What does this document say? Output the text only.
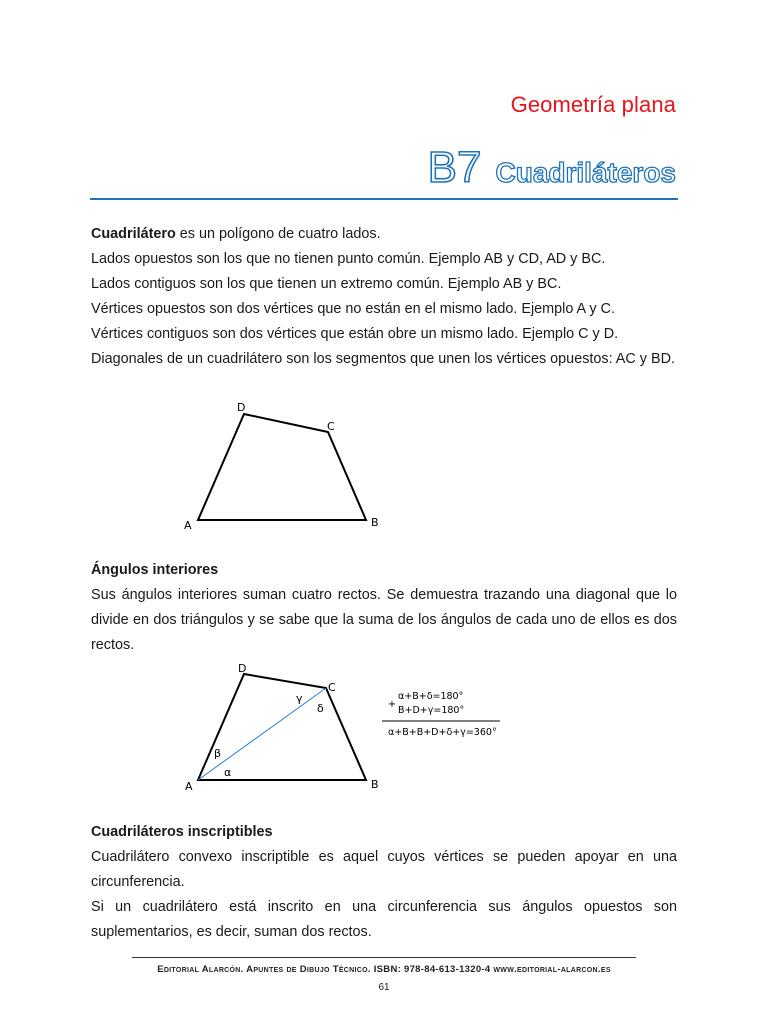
Geometría plana
B7 Cuadriláteros
Cuadrilátero es un polígono de cuatro lados.
Lados opuestos son los que no tienen punto común. Ejemplo AB y CD, AD y BC.
Lados contiguos son los que tienen un extremo común. Ejemplo AB y BC.
Vértices opuestos son dos vértices que no están en el mismo lado. Ejemplo A y C.
Vértices contiguos son dos vértices que están obre un mismo lado. Ejemplo C y D.
Diagonales de un cuadrilátero son los segmentos que unen los vértices opuestos: AC y BD.
A	B
C
D
Ángulos interiores
Sus ángulos interiores suman cuatro rectos. Se demuestra trazando una diagonal que lo divide en dos triángulos y se sabe que la suma de los ángulos de cada uno de ellos es dos rectos.
A	B
C
D
α
β
γ
δ
α+B+δ=180°
+
B+D+γ=180°
α+B+B+D+δ+γ=360°
Cuadriláteros inscriptibles
Cuadrilátero convexo inscriptible es aquel cuyos vértices se pueden apoyar en una circunferencia.
Si un cuadrilátero está inscrito en una circunferencia sus ángulos opuestos son suplementarios, es decir, suman dos rectos.
Editorial Alarcón. Apuntes de Dibujo Técnico. ISBN: 978-84-613-1320-4 www.editorial-alarcon.es
61
